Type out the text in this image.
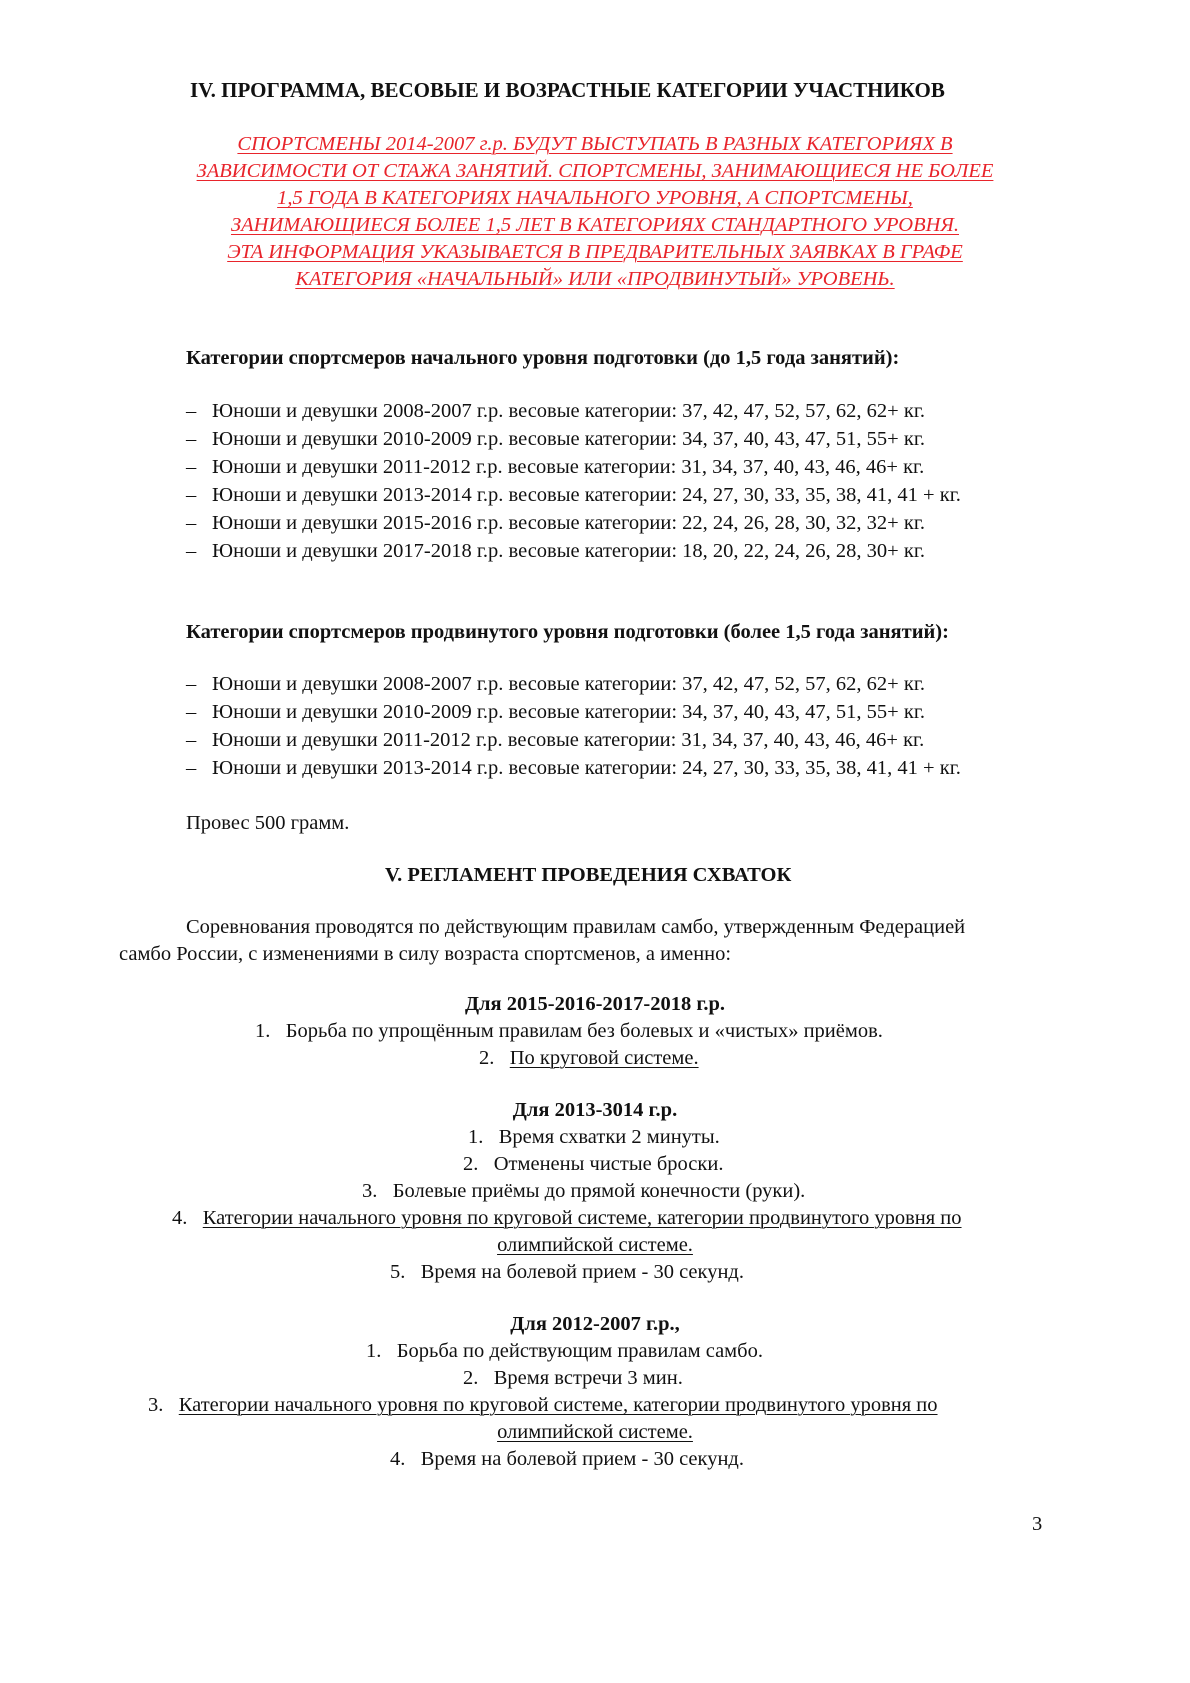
IV. ПРОГРАММА, ВЕСОВЫЕ И ВОЗРАСТНЫЕ КАТЕГОРИИ УЧАСТНИКОВ
СПОРТСМЕНЫ 2014-2007 г.р. БУДУТ ВЫСТУПАТЬ В РАЗНЫХ КАТЕГОРИЯХ В
ЗАВИСИМОСТИ ОТ СТАЖА ЗАНЯТИЙ. СПОРТСМЕНЫ, ЗАНИМАЮЩИЕСЯ НЕ БОЛЕЕ
1,5 ГОДА В КАТЕГОРИЯХ НАЧАЛЬНОГО УРОВНЯ, А СПОРТСМЕНЫ,
ЗАНИМАЮЩИЕСЯ БОЛЕЕ 1,5 ЛЕТ В КАТЕГОРИЯХ СТАНДАРТНОГО УРОВНЯ.
ЭТА ИНФОРМАЦИЯ УКАЗЫВАЕТСЯ В ПРЕДВАРИТЕЛЬНЫХ ЗАЯВКАХ В ГРАФЕ
КАТЕГОРИЯ «НАЧАЛЬНЫЙ» ИЛИ «ПРОДВИНУТЫЙ» УРОВЕНЬ.
Категории спортсмеров начального уровня подготовки (до 1,5 года занятий):
– Юноши и девушки 2008-2007 г.р. весовые категории: 37, 42, 47, 52, 57, 62, 62+ кг.
– Юноши и девушки 2010-2009 г.р. весовые категории: 34, 37, 40, 43, 47, 51, 55+ кг.
– Юноши и девушки 2011-2012 г.р. весовые категории: 31, 34, 37, 40, 43, 46, 46+ кг.
– Юноши и девушки 2013-2014 г.р. весовые категории: 24, 27, 30, 33, 35, 38, 41, 41 + кг.
– Юноши и девушки 2015-2016 г.р. весовые категории: 22, 24, 26, 28, 30, 32, 32+ кг.
– Юноши и девушки 2017-2018 г.р. весовые категории: 18, 20, 22, 24, 26, 28, 30+ кг.
Категории спортсмеров продвинутого уровня подготовки (более 1,5 года занятий):
– Юноши и девушки 2008-2007 г.р. весовые категории: 37, 42, 47, 52, 57, 62, 62+ кг.
– Юноши и девушки 2010-2009 г.р. весовые категории: 34, 37, 40, 43, 47, 51, 55+ кг.
– Юноши и девушки 2011-2012 г.р. весовые категории: 31, 34, 37, 40, 43, 46, 46+ кг.
– Юноши и девушки 2013-2014 г.р. весовые категории: 24, 27, 30, 33, 35, 38, 41, 41 + кг.
Провес 500 грамм.
V. РЕГЛАМЕНТ ПРОВЕДЕНИЯ СХВАТОК
Соревнования проводятся по действующим правилам самбо, утвержденным Федерацией
самбо России, с изменениями в силу возраста спортсменов, а именно:
Для 2015-2016-2017-2018 г.р.
1. Борьба по упрощённым правилам без болевых и «чистых» приёмов.
2. По круговой системе.
Для 2013-3014 г.р.
1. Время схватки 2 минуты.
2. Отменены чистые броски.
3. Болевые приёмы до прямой конечности (руки).
4. Категории начального уровня по круговой системе, категории продвинутого уровня по
олимпийской системе.
5. Время на болевой прием - 30 секунд.
Для 2012-2007 г.р.,
1. Борьба по действующим правилам самбо.
2. Время встречи 3 мин.
3. Категории начального уровня по круговой системе, категории продвинутого уровня по
олимпийской системе.
4. Время на болевой прием - 30 секунд.
3
